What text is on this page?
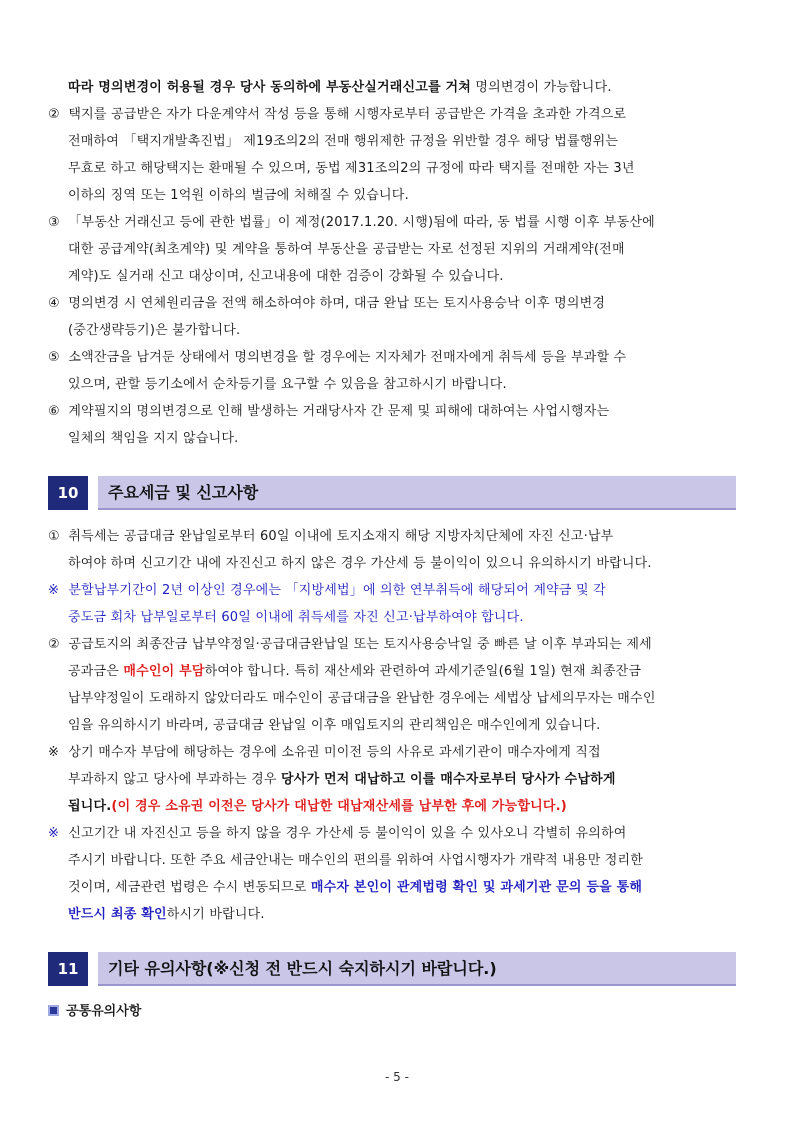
따라 명의변경이 허용될 경우 당사 동의하에 부동산실거래신고를 거쳐 명의변경이 가능합니다.
② 택지를 공급받은 자가 다운계약서 작성 등을 통해 시행자로부터 공급받은 가격을 초과한 가격으로
전매하여 「택지개발촉진법」 제19조의2의 전매 행위제한 규정을 위반할 경우 해당 법률행위는
무효로 하고 해당택지는 환매될 수 있으며, 동법 제31조의2의 규정에 따라 택지를 전매한 자는 3년
이하의 징역 또는 1억원 이하의 벌금에 처해질 수 있습니다.
③ 「부동산 거래신고 등에 관한 법률」이 제정(2017.1.20. 시행)됨에 따라, 동 법률 시행 이후 부동산에
대한 공급계약(최초계약) 및 계약을 통하여 부동산을 공급받는 자로 선정된 지위의 거래계약(전매
계약)도 실거래 신고 대상이며, 신고내용에 대한 검증이 강화될 수 있습니다.
④ 명의변경 시 연체원리금을 전액 해소하여야 하며, 대금 완납 또는 토지사용승낙 이후 명의변경
(중간생략등기)은 불가합니다.
⑤ 소액잔금을 남겨둔 상태에서 명의변경을 할 경우에는 지자체가 전매자에게 취득세 등을 부과할 수
있으며, 관할 등기소에서 순차등기를 요구할 수 있음을 참고하시기 바랍니다.
⑥ 계약필지의 명의변경으로 인해 발생하는 거래당사자 간 문제 및 피해에 대하여는 사업시행자는
일체의 책임을 지지 않습니다.
10	주요세금 및 신고사항
① 취득세는 공급대금 완납일로부터 60일 이내에 토지소재지 해당 지방자치단체에 자진 신고·납부
하여야 하며 신고기간 내에 자진신고 하지 않은 경우 가산세 등 불이익이 있으니 유의하시기 바랍니다.
※ 분할납부기간이 2년 이상인 경우에는 「지방세법」에 의한 연부취득에 해당되어 계약금 및 각
중도금 회차 납부일로부터 60일 이내에 취득세를 자진 신고·납부하여야 합니다.
② 공급토지의 최종잔금 납부약정일·공급대금완납일 또는 토지사용승낙일 중 빠른 날 이후 부과되는 제세
공과금은 매수인이 부담하여야 합니다. 특히 재산세와 관련하여 과세기준일(6월 1일) 현재 최종잔금
납부약정일이 도래하지 않았더라도 매수인이 공급대금을 완납한 경우에는 세법상 납세의무자는 매수인
임을 유의하시기 바라며, 공급대금 완납일 이후 매입토지의 관리책임은 매수인에게 있습니다.
※ 상기 매수자 부담에 해당하는 경우에 소유권 미이전 등의 사유로 과세기관이 매수자에게 직접
부과하지 않고 당사에 부과하는 경우 당사가 먼저 대납하고 이를 매수자로부터 당사가 수납하게
됩니다.(이 경우 소유권 이전은 당사가 대납한 대납재산세를 납부한 후에 가능합니다.)
※ 신고기간 내 자진신고 등을 하지 않을 경우 가산세 등 불이익이 있을 수 있사오니 각별히 유의하여
주시기 바랍니다. 또한 주요 세금안내는 매수인의 편의를 위하여 사업시행자가 개략적 내용만 정리한
것이며, 세금관련 법령은 수시 변동되므로 매수자 본인이 관계법령 확인 및 과세기관 문의 등을 통해
반드시 최종 확인하시기 바랍니다.
11	기타 유의사항(※신청 전 반드시 숙지하시기 바랍니다.)
공통유의사항
- 5 -
